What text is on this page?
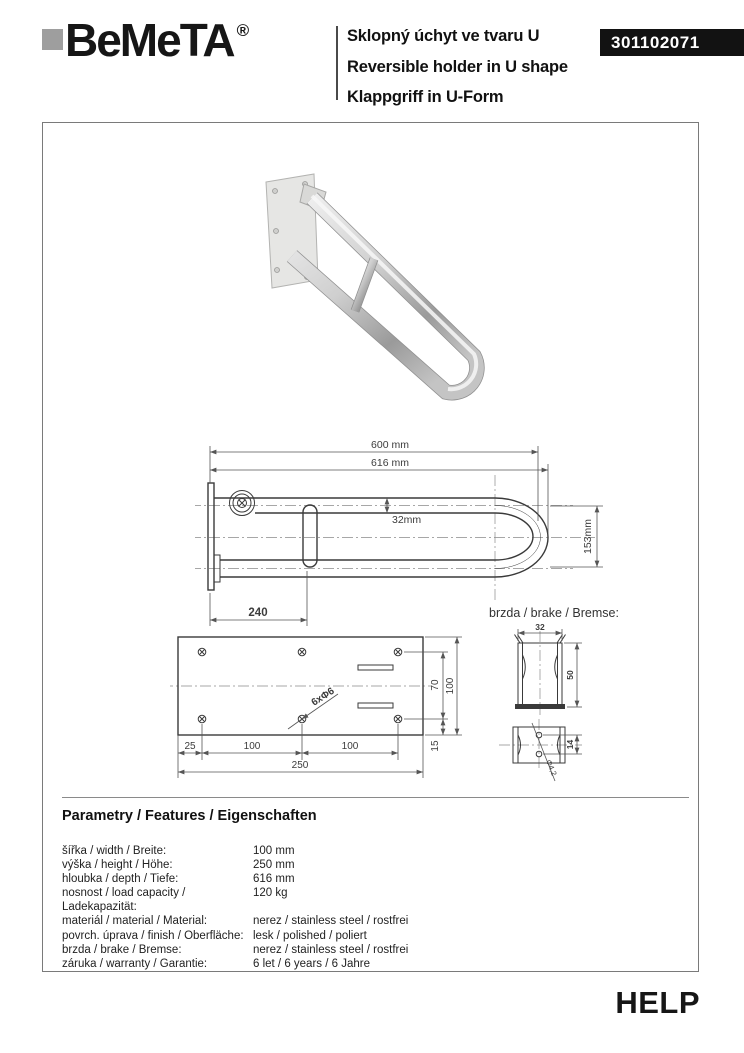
BeMeTA ®	Sklopný úchyt ve tvaru U
Reversible holder in U shape
Klappgriff in U-Form
301102071
600 mm
616 mm
32mm	153mm
240
6xΦ6
25	100	100
250
70
15
100
brzda / brake / Bremse:
32
50
14
Φ4,2
Parametry / Features / Eigenschaften
šířka / width / Breite:	100 mm
výška / height / Höhe:	250 mm
hloubka / depth / Tiefe:	616 mm
nosnost / load capacity / Ladekapazität:
120 kg
materiál / material / Material:	nerez / stainless steel / rostfrei
povrch. úprava / finish / Oberfläche: lesk / polished / poliert
brzda / brake / Bremse:	nerez / stainless steel / rostfrei
záruka / warranty / Garantie:	6 let / 6 years / 6 Jahre
HELP
